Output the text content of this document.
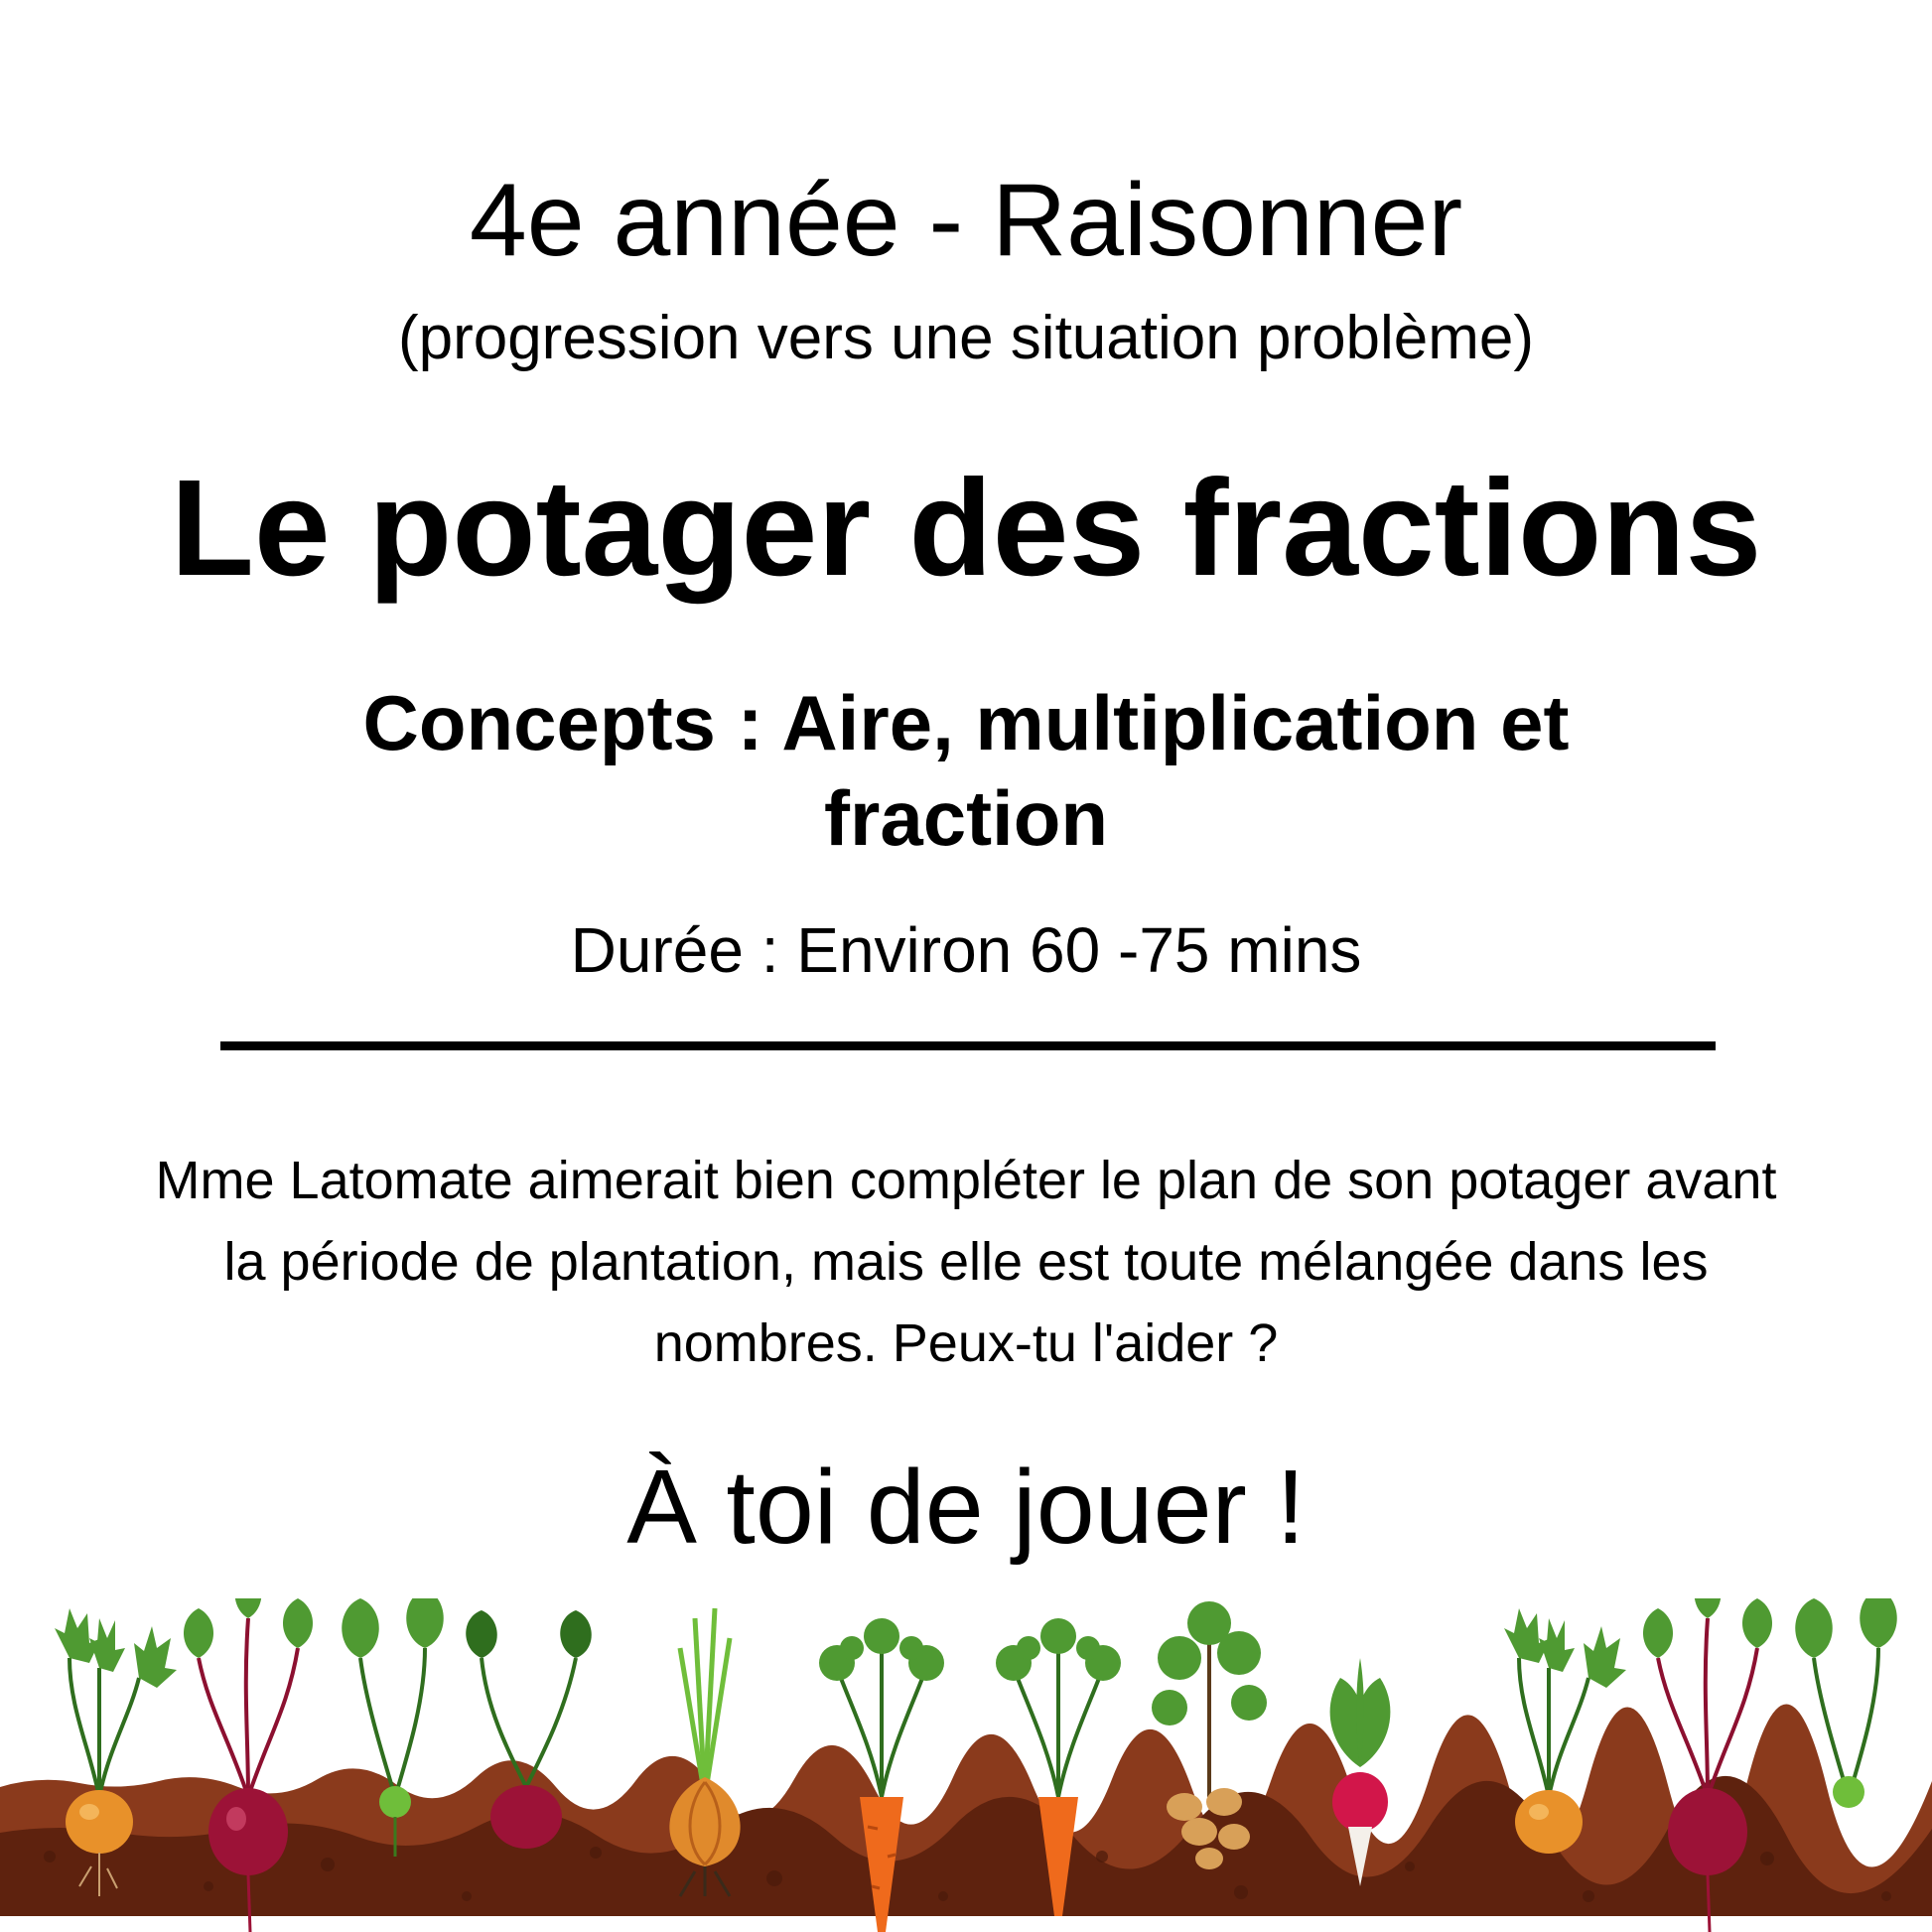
4e année - Raisonner
(progression vers une situation problème)
Le potager des fractions
Concepts : Aire, multiplication et fraction
Durée : Environ 60 -75 mins
Mme Latomate aimerait bien compléter le plan de son potager avant la période de plantation, mais elle est toute mélangée dans les nombres. Peux-tu l'aider ?
À toi de jouer !
